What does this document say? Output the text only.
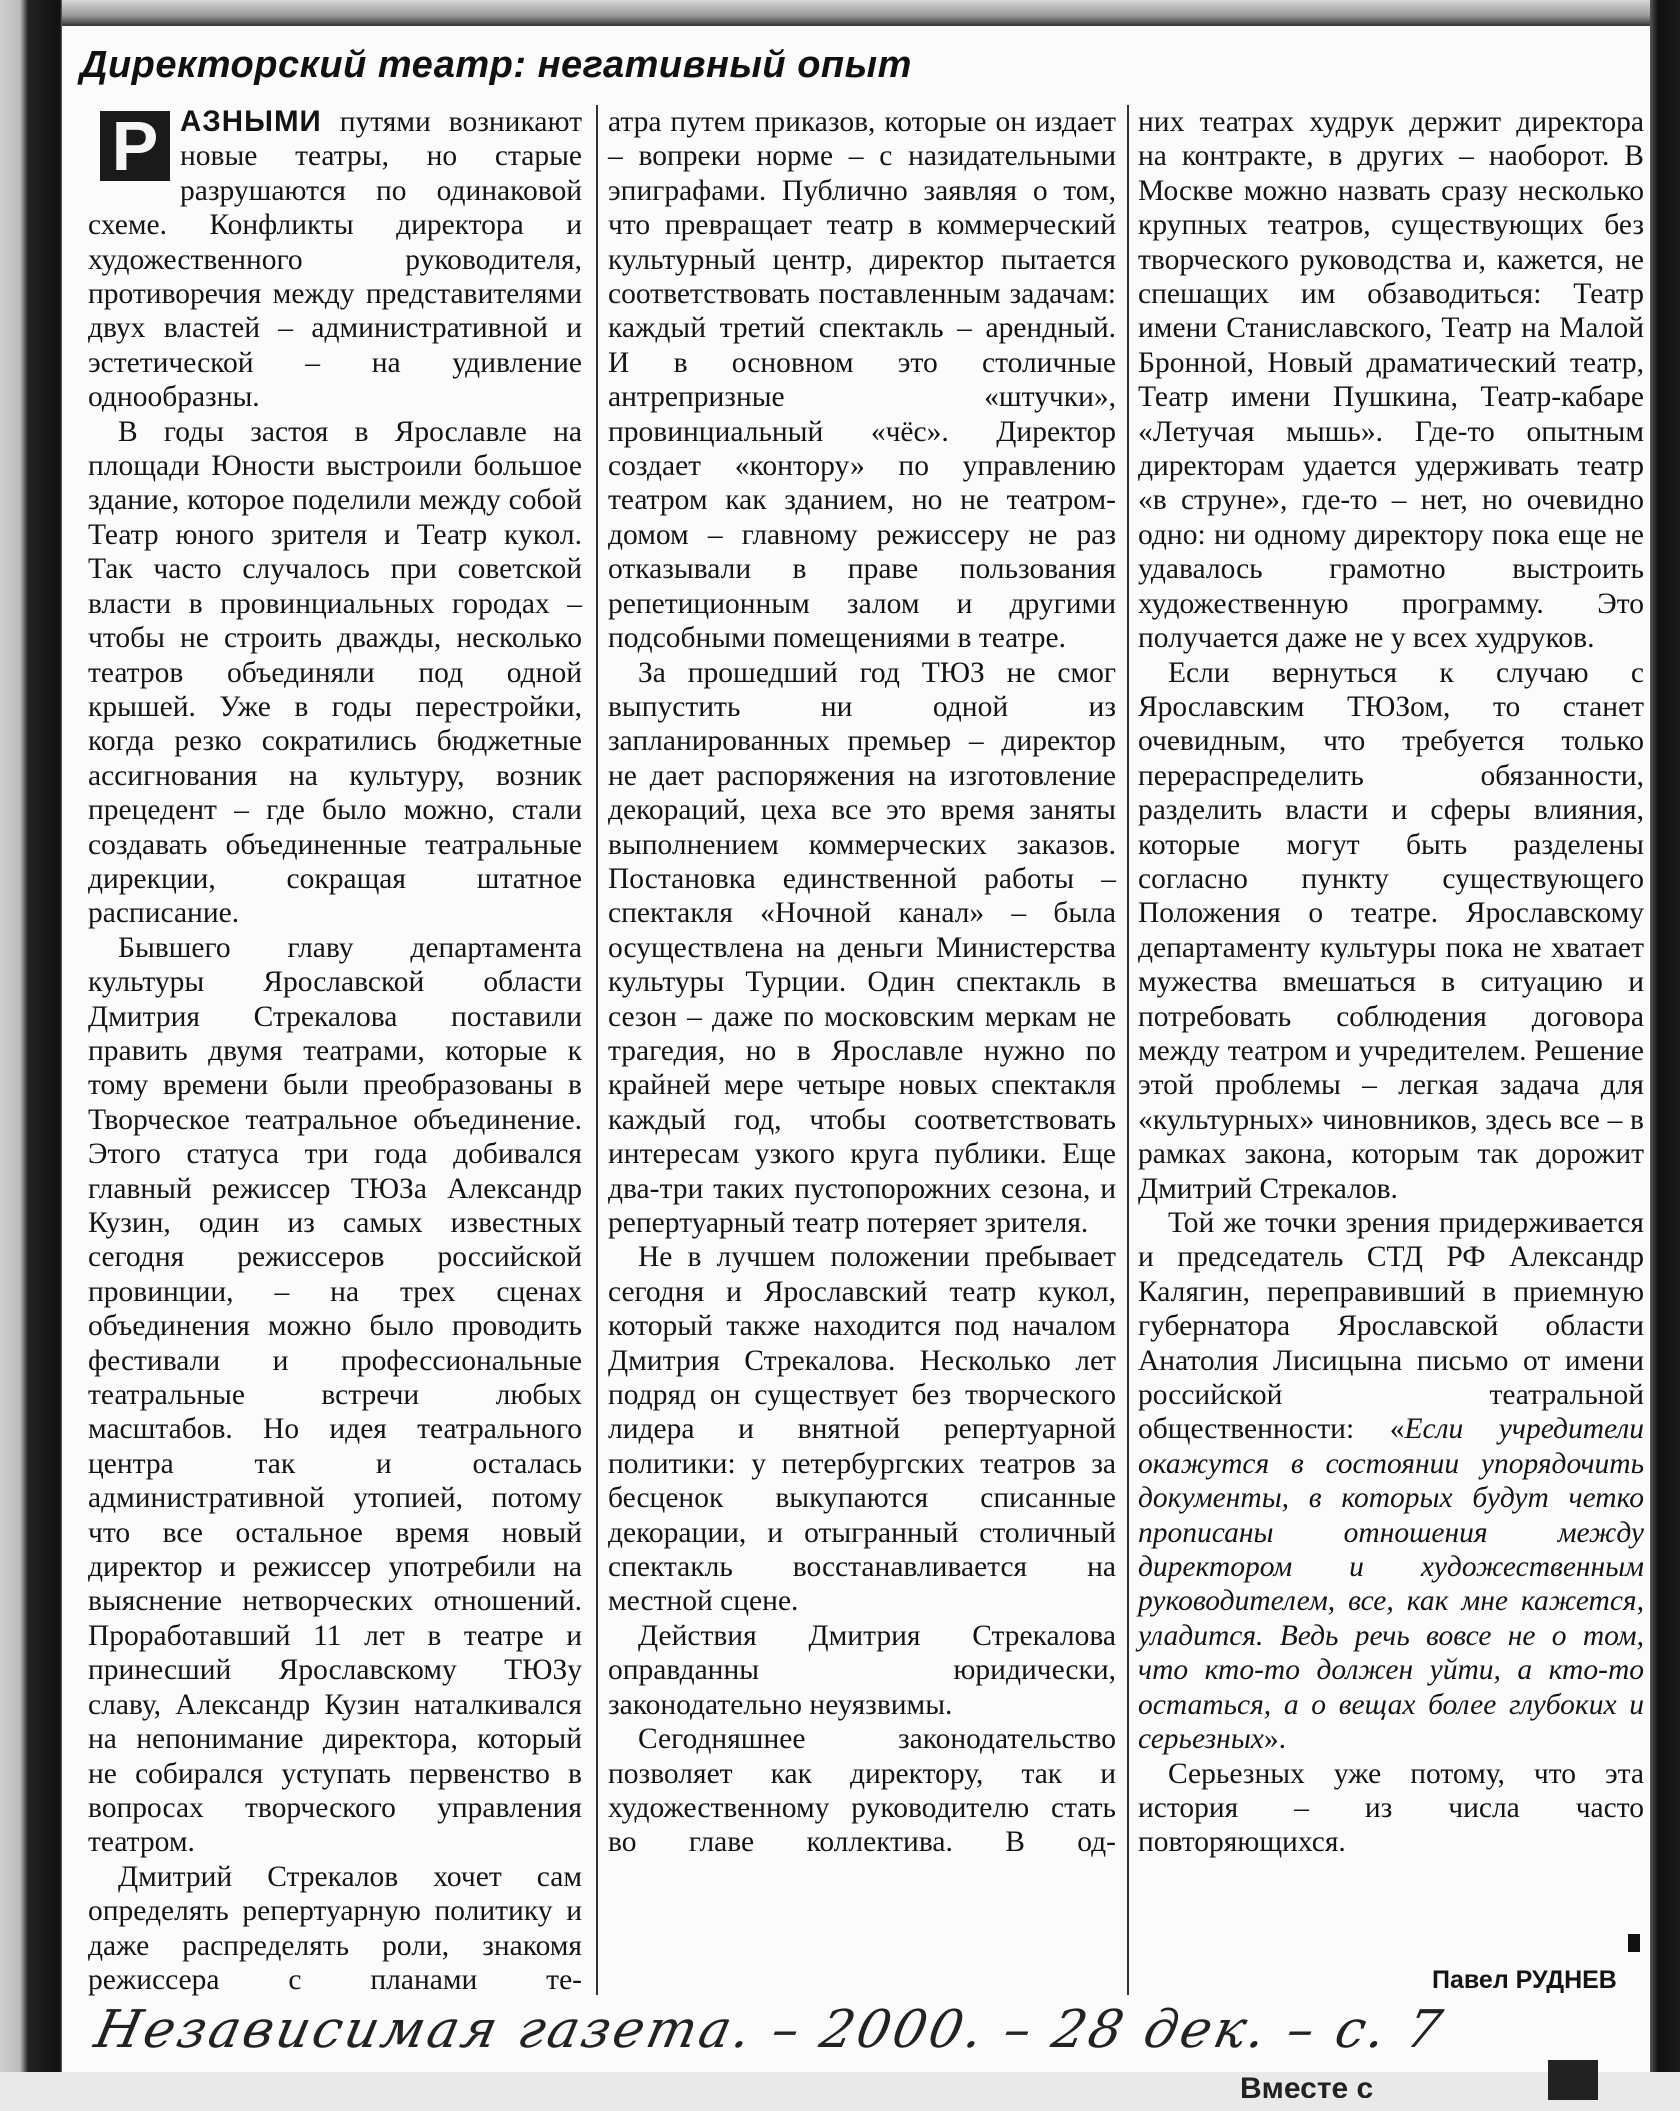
Директорский театр: негативный опыт

Р АЗНЫМИ путями возникают новые театры, но старые разрушаются по одинаковой схеме. Конфликты директора и художественного руководителя, противоречия между представителями двух властей – административной и эстетической – на удивление однообразны.

В годы застоя в Ярославле на площади Юности выстроили большое здание, которое поделили между собой Театр юного зрителя и Театр кукол. Так часто случалось при советской власти в провинциальных городах – чтобы не строить дважды, несколько театров объединяли под одной крышей. Уже в годы перестройки, когда резко сократились бюджетные ассигнования на культуру, возник прецедент – где было можно, стали создавать объединенные театральные дирекции, сокращая штатное расписание.

Бывшего главу департамента культуры Ярославской области Дмитрия Стрекалова поставили править двумя театрами, которые к тому времени были преобразованы в Творческое театральное объединение. Этого статуса три года добивался главный режиссер ТЮЗа Александр Кузин, один из самых известных сегодня режиссеров российской провинции, – на трех сценах объединения можно было проводить фестивали и профессиональные театральные встречи любых масштабов. Но идея театрального центра так и осталась административной утопией, потому что все остальное время новый директор и режиссер употребили на выяснение нетворческих отношений. Проработавший 11 лет в театре и принесший Ярославскому ТЮЗу славу, Александр Кузин наталкивался на непонимание директора, который не собирался уступать первенство в вопросах творческого управления театром.

Дмитрий Стрекалов хочет сам определять репертуарную политику и даже распределять роли, знакомя режиссера с планами те-

атра путем приказов, которые он издает – вопреки норме – с назидательными эпиграфами. Публично заявляя о том, что превращает театр в коммерческий культурный центр, директор пытается соответствовать поставленным задачам: каждый третий спектакль – арендный. И в основном это столичные антрепризные «штучки», провинциальный «чёс». Директор создает «контору» по управлению театром как зданием, но не театром-домом – главному режиссеру не раз отказывали в праве пользования репетиционным залом и другими подсобными помещениями в театре.

За прошедший год ТЮЗ не смог выпустить ни одной из запланированных премьер – директор не дает распоряжения на изготовление декораций, цеха все это время заняты выполнением коммерческих заказов. Постановка единственной работы – спектакля «Ночной канал» – была осуществлена на деньги Министерства культуры Турции. Один спектакль в сезон – даже по московским меркам не трагедия, но в Ярославле нужно по крайней мере четыре новых спектакля каждый год, чтобы соответствовать интересам узкого круга публики. Еще два-три таких пустопорожних сезона, и репертуарный театр потеряет зрителя.

Не в лучшем положении пребывает сегодня и Ярославский театр кукол, который также находится под началом Дмитрия Стрекалова. Несколько лет подряд он существует без творческого лидера и внятной репертуарной политики: у петербургских театров за бесценок выкупаются списанные декорации, и отыгранный столичный спектакль восстанавливается на местной сцене.

Действия Дмитрия Стрекалова оправданны юридически, законодательно неуязвимы.

Сегодняшнее законодательство позволяет как директору, так и художественному руководителю стать во главе коллектива. В од-

них театрах худрук держит директора на контракте, в других – наоборот. В Москве можно назвать сразу несколько крупных театров, существующих без творческого руководства и, кажется, не спешащих им обзаводиться: Театр имени Станиславского, Театр на Малой Бронной, Новый драматический театр, Театр имени Пушкина, Театр-кабаре «Летучая мышь». Где-то опытным директорам удается удерживать театр «в струне», где-то – нет, но очевидно одно: ни одному директору пока еще не удавалось грамотно выстроить художественную программу. Это получается даже не у всех худруков.

Если вернуться к случаю с Ярославским ТЮЗом, то станет очевидным, что требуется только перераспределить обязанности, разделить власти и сферы влияния, которые могут быть разделены согласно пункту существующего Положения о театре. Ярославскому департаменту культуры пока не хватает мужества вмешаться в ситуацию и потребовать соблюдения договора между театром и учредителем. Решение этой проблемы – легкая задача для «культурных» чиновников, здесь все – в рамках закона, которым так дорожит Дмитрий Стрекалов.

Той же точки зрения придерживается и председатель СТД РФ Александр Калягин, переправивший в приемную губернатора Ярославской области Анатолия Лисицына письмо от имени российской театральной общественности: «Если учредители окажутся в состоянии упорядочить документы, в которых будут четко прописаны отношения между директором и художественным руководителем, все, как мне кажется, уладится. Ведь речь вовсе не о том, что кто-то должен уйти, а кто-то остаться, а о вещах более глубоких и серьезных».

Серьезных уже потому, что эта история – из числа часто повторяющихся.

Павел РУДНЕВ
Независимая газета. – 2000. – 28 дек. – с. 7
Вместе с
